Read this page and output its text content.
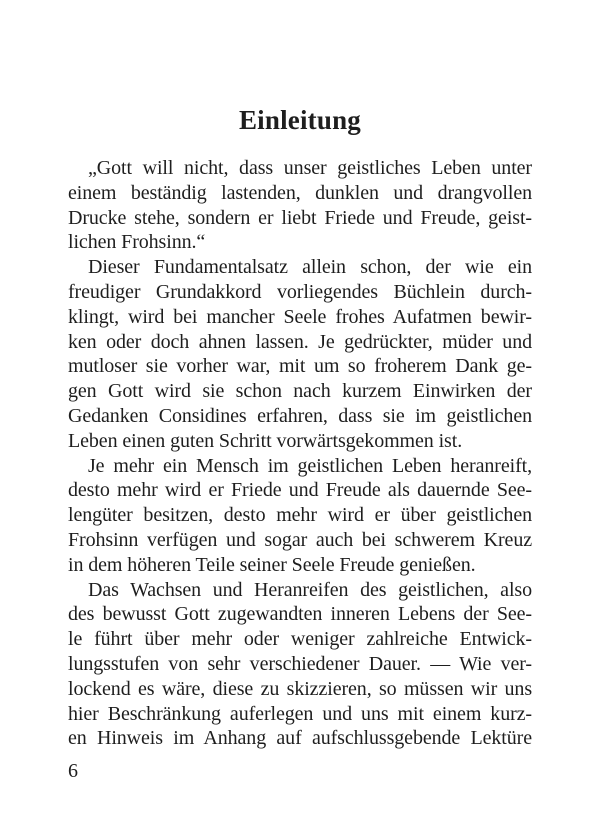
Einleitung
„Gott will nicht, dass unser geistliches Leben unter
einem beständig lastenden, dunklen und drangvollen
Drucke stehe, sondern er liebt Friede und Freude, geist-
lichen Frohsinn.“
Dieser Fundamentalsatz allein schon, der wie ein
freudiger Grundakkord vorliegendes Büchlein durch-
klingt, wird bei mancher Seele frohes Aufatmen bewir-
ken oder doch ahnen lassen. Je gedrückter, müder und
mutloser sie vorher war, mit um so froherem Dank ge-
gen Gott wird sie schon nach kurzem Einwirken der
Gedanken Considines erfahren, dass sie im geistlichen
Leben einen guten Schritt vorwärtsgekommen ist.
Je mehr ein Mensch im geistlichen Leben heranreift,
desto mehr wird er Friede und Freude als dauernde See-
lengüter besitzen, desto mehr wird er über geistlichen
Frohsinn verfügen und sogar auch bei schwerem Kreuz
in dem höheren Teile seiner Seele Freude genießen.
Das Wachsen und Heranreifen des geistlichen, also
des bewusst Gott zugewandten inneren Lebens der See-
le führt über mehr oder weniger zahlreiche Entwick-
lungsstufen von sehr verschiedener Dauer. — Wie ver-
lockend es wäre, diese zu skizzieren, so müssen wir uns
hier Beschränkung auferlegen und uns mit einem kurz-
en Hinweis im Anhang auf aufschlussgebende Lektüre
6
